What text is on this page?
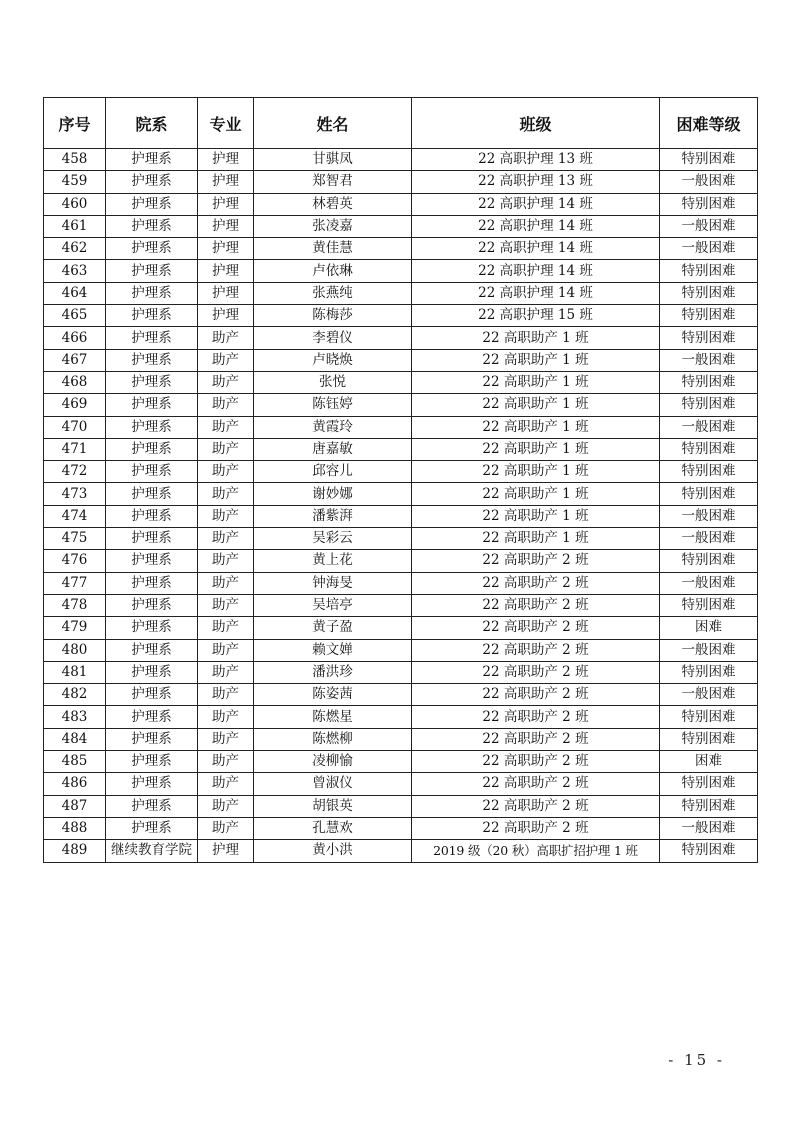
序号	院系	专业	姓名	班级	困难等级
458	护理系	护理	甘骐凤	22 高职护理 13 班	特别困难
459	护理系	护理	郑智君	22 高职护理 13 班	一般困难
460	护理系	护理	林碧英	22 高职护理 14 班	特别困难
461	护理系	护理	张凌嘉	22 高职护理 14 班	一般困难
462	护理系	护理	黄佳慧	22 高职护理 14 班	一般困难
463	护理系	护理	卢依琳	22 高职护理 14 班	特别困难
464	护理系	护理	张燕纯	22 高职护理 14 班	特别困难
465	护理系	护理	陈梅莎	22 高职护理 15 班	特别困难
466	护理系	助产	李碧仪	22 高职助产 1 班	特别困难
467	护理系	助产	卢晓焕	22 高职助产 1 班	一般困难
468	护理系	助产	张悦	22 高职助产 1 班	特别困难
469	护理系	助产	陈钰婷	22 高职助产 1 班	特别困难
470	护理系	助产	黄霞玲	22 高职助产 1 班	一般困难
471	护理系	助产	唐嘉敏	22 高职助产 1 班	特别困难
472	护理系	助产	邱容儿	22 高职助产 1 班	特别困难
473	护理系	助产	谢妙娜	22 高职助产 1 班	特别困难
474	护理系	助产	潘紫湃	22 高职助产 1 班	一般困难
475	护理系	助产	吴彩云	22 高职助产 1 班	一般困难
476	护理系	助产	黄上花	22 高职助产 2 班	特别困难
477	护理系	助产	钟海旻	22 高职助产 2 班	一般困难
478	护理系	助产	吴培亭	22 高职助产 2 班	特别困难
479	护理系	助产	黄子盈	22 高职助产 2 班	困难
480	护理系	助产	赖文婵	22 高职助产 2 班	一般困难
481	护理系	助产	潘洪珍	22 高职助产 2 班	特别困难
482	护理系	助产	陈姿茜	22 高职助产 2 班	一般困难
483	护理系	助产	陈燃星	22 高职助产 2 班	特别困难
484	护理系	助产	陈燃柳	22 高职助产 2 班	特别困难
485	护理系	助产	凌柳愉	22 高职助产 2 班	困难
486	护理系	助产	曾淑仪	22 高职助产 2 班	特别困难
487	护理系	助产	胡银英	22 高职助产 2 班	特别困难
488	护理系	助产	孔慧欢	22 高职助产 2 班	一般困难
489	继续教育学院	护理	黄小洪	2019 级（20 秋）高职扩招护理 1 班	特别困难
- 15 -
